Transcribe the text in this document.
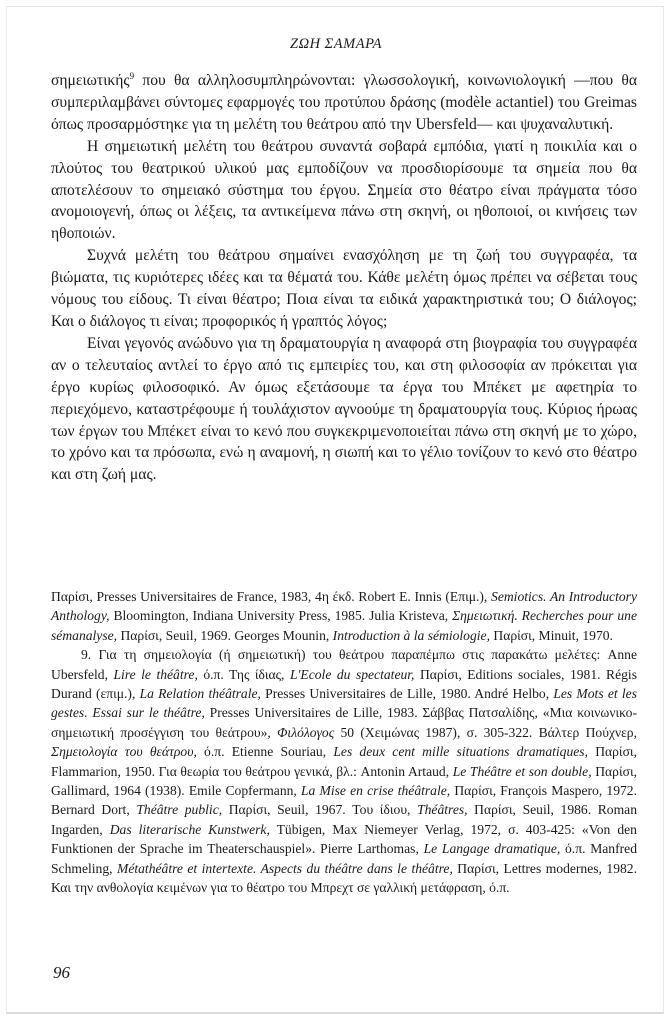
ΖΩΗ ΣΑΜΑΡΑ

σημειωτικής$^9$ που θα αλληλοσυμπληρώνονται: γλωσσολογική, κοινωνιολογική —που θα συμπεριλαμβάνει σύντομες εφαρμογές του προτύπου δράσης (modèle actantiel) του Greimas όπως προσαρμόστηκε για τη μελέτη του θεάτρου από την Ubersfeld— και ψυχαναλυτική.

Η σημειωτική μελέτη του θεάτρου συναντά σοβαρά εμπόδια, γιατί η ποικιλία και ο πλούτος του θεατρικού υλικού μας εμποδίζουν να προσδιορίσουμε τα σημεία που θα αποτελέσουν το σημειακό σύστημα του έργου. Σημεία στο θέατρο είναι πράγματα τόσο ανομοιογενή, όπως οι λέξεις, τα αντικείμενα πάνω στη σκηνή, οι ηθοποιοί, οι κινήσεις των ηθοποιών.

Συχνά μελέτη του θεάτρου σημαίνει ενασχόληση με τη ζωή του συγγραφέα, τα βιώματα, τις κυριότερες ιδέες και τα θέματά του. Κάθε μελέτη όμως πρέπει να σέβεται τους νόμους του είδους. Τι είναι θέατρο; Ποια είναι τα ειδικά χαρακτηριστικά του; Ο διάλογος; Και ο διάλογος τι είναι; προφορικός ή γραπτός λόγος;

Είναι γεγονός ανώδυνο για τη δραματουργία η αναφορά στη βιογραφία του συγγραφέα αν ο τελευταίος αντλεί το έργο από τις εμπειρίες του, και στη φιλοσοφία αν πρόκειται για έργο κυρίως φιλοσοφικό. Αν όμως εξετάσουμε τα έργα του Μπέκετ με αφετηρία το περιεχόμενο, καταστρέφουμε ή τουλάχιστον αγνοούμε τη δραματουργία τους. Κύριος ήρωας των έργων του Μπέκετ είναι το κενό που συγκεκριμενοποιείται πάνω στη σκηνή με το χώρο, το χρόνο και τα πρόσωπα, ενώ η αναμονή, η σιωπή και το γέλιο τονίζουν το κενό στο θέατρο και στη ζωή μας.

Παρίσι, Presses Universitaires de France, 1983, 4η έκδ. Robert E. Innis (Επιμ.), Semiotics. An Introductory Anthology, Bloomington, Indiana University Press, 1985. Julia Kristeva, Σημειωτική. Recherches pour une sémanalyse, Παρίσι, Seuil, 1969. Georges Mounin, Introduction à la sémiologie, Παρίσι, Minuit, 1970.

9. Για τη σημειολογία (ή σημειωτική) του θεάτρου παραπέμπω στις παρακάτω μελέτες: Anne Ubersfeld, Lire le théâtre, ό.π. Της ίδιας, L'Ecole du spectateur, Παρίσι, Editions sociales, 1981. Régis Durand (επιμ.), La Relation théâtrale, Presses Universitaires de Lille, 1980. André Helbo, Les Mots et les gestes. Essai sur le théâtre, Presses Universitaires de Lille, 1983. Σάββας Πατσαλίδης, «Μια κοινωνικο-σημειωτική προσέγγιση του θεάτρου», Φιλόλογος 50 (Χειμώνας 1987), σ. 305-322. Βάλτερ Πούχνερ, Σημειολογία του θεάτρου, ό.π. Etienne Souriau, Les deux cent mille situations dramatiques, Παρίσι, Flammarion, 1950. Για θεωρία του θεάτρου γενικά, βλ.: Antonin Artaud, Le Théâtre et son double, Παρίσι, Gallimard, 1964 (1938). Emile Copfermann, La Mise en crise théâtrale, Παρίσι, François Maspero, 1972. Bernard Dort, Théâtre public, Παρίσι, Seuil, 1967. Του ίδιου, Théâtres, Παρίσι, Seuil, 1986. Roman Ingarden, Das literarische Kunstwerk, Tübigen, Max Niemeyer Verlag, 1972, σ. 403-425: «Von den Funktionen der Sprache im Theaterschauspiel». Pierre Larthomas, Le Langage dramatique, ό.π. Manfred Schmeling, Métathéâtre et intertexte. Aspects du théâtre dans le théâtre, Παρίσι, Lettres modernes, 1982. Και την ανθολογία κειμένων για το θέατρο του Μπρεχτ σε γαλλική μετάφραση, ό.π.

96
